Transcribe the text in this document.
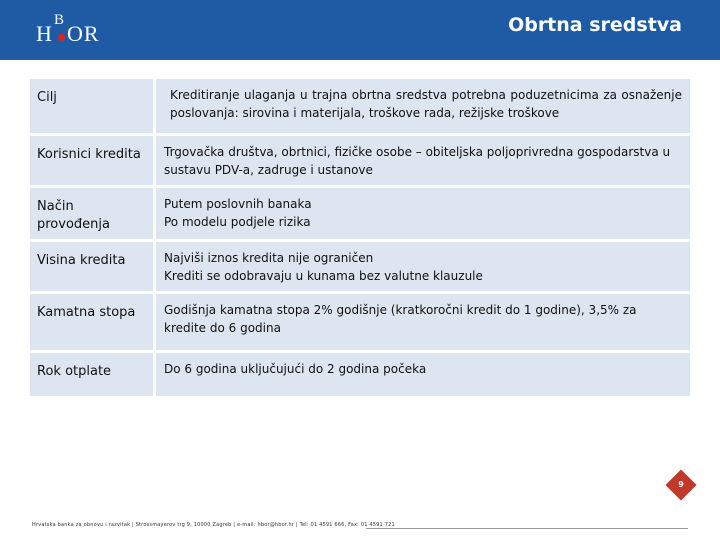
H
B
OR	Obrtna sredstva
Cilj	Kreditiranje ulaganja u trajna obrtna sredstva potrebna poduzetnicima za osnaženje poslovanja: sirovina i materijala, troškove rada, režijske troškove

Korisnici kredita	Trgovačka društva, obrtnici, fizičke osobe – obiteljska poljoprivredna gospodarstva u sustavu PDV-a, zadruge i ustanove

Način provođenja	Putem poslovnih banaka
Po modelu podjele rizika

Visina kredita	Najviši iznos kredita nije ograničen
Krediti se odobravaju u kunama bez valutne klauzule

Kamatna stopa	Godišnja kamatna stopa 2% godišnje (kratkoročni kredit do 1 godine), 3,5% za kredite do 6 godina

Rok otplate	Do 6 godina uključujući do 2 godina počeka
9
Hrvatska banka za obnovu i razvitak | Strossmayerov trg 9, 10000 Zagreb | e-mail: hbor@hbor.hr | Tel: 01 4591 666, Fax: 01 4591 721
